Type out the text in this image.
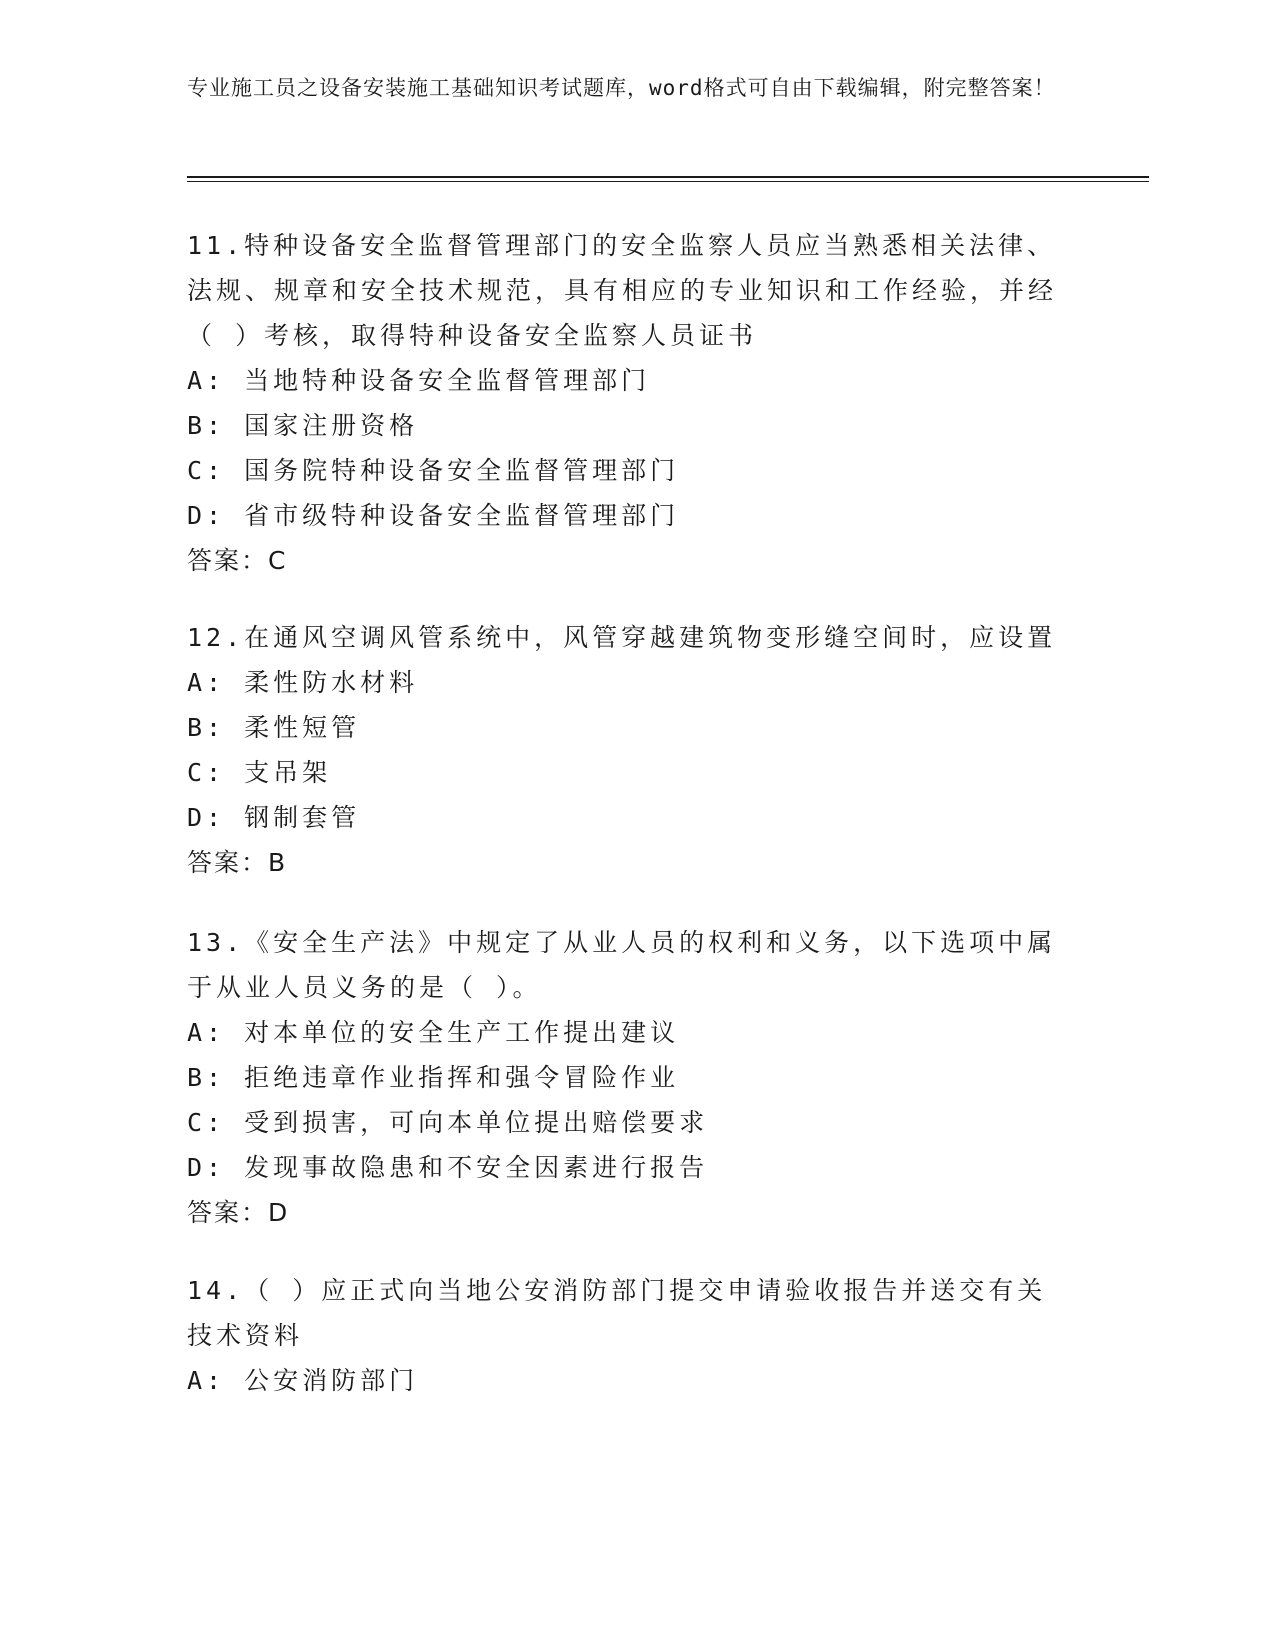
专业施工员之设备安装施工基础知识考试题库，word格式可自由下载编辑，附完整答案！

11.特种设备安全监督管理部门的安全监察人员应当熟悉相关法律、法规、规章和安全技术规范，具有相应的专业知识和工作经验，并经（ ）考核，取得特种设备安全监察人员证书

A: 当地特种设备安全监督管理部门

B: 国家注册资格

C: 国务院特种设备安全监督管理部门

D: 省市级特种设备安全监督管理部门

答案：C

12.在通风空调风管系统中，风管穿越建筑物变形缝空间时，应设置

A: 柔性防水材料

B: 柔性短管

C: 支吊架

D: 钢制套管

答案：B

13.《安全生产法》中规定了从业人员的权利和义务，以下选项中属于从业人员义务的是（ ）。

A: 对本单位的安全生产工作提出建议

B: 拒绝违章作业指挥和强令冒险作业

C: 受到损害，可向本单位提出赔偿要求

D: 发现事故隐患和不安全因素进行报告

答案：D

14.（ ）应正式向当地公安消防部门提交申请验收报告并送交有关技术资料

A: 公安消防部门
